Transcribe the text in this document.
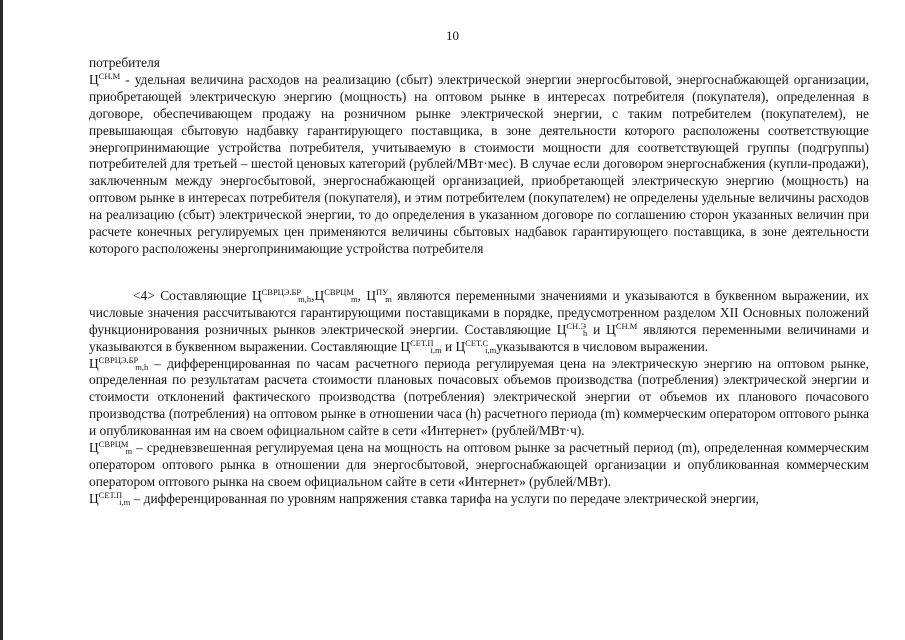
10

потребителя

$Ц^{СН.М}$ - удельная величина расходов на реализацию (сбыт) электрической энергии энергосбытовой, энергоснабжающей организации, приобретающей электрическую энергию (мощность) на оптовом рынке в интересах потребителя (покупателя), определенная в договоре, обеспечивающем продажу на розничном рынке электрической энергии, с таким потребителем (покупателем), не превышающая сбытовую надбавку гарантирующего поставщика, в зоне деятельности которого расположены соответствующие энергопринимающие устройства потребителя, учитываемую в стоимости мощности для соответствующей группы (подгруппы) потребителей для третьей – шестой ценовых категорий (рублей/МВт·мес). В случае если договором энергоснабжения (купли-продажи), заключенным между энергосбытовой, энергоснабжающей организацией, приобретающей электрическую энергию (мощность) на оптовом рынке в интересах потребителя (покупателя), и этим потребителем (покупателем) не определены удельные величины расходов на реализацию (сбыт) электрической энергии, то до определения в указанном договоре по соглашению сторон указанных величин при расчете конечных регулируемых цен применяются величины сбытовых надбавок гарантирующего поставщика, в зоне деятельности которого расположены энергопринимающие устройства потребителя

<4> Составляющие $Ц^{СВРЦЭ.БР}_{m,h},Ц^{СВРЦМ}_m$, $Ц^{ПУ}_m$ являются переменными значениями и указываются в буквенном выражении, их числовые значения рассчитываются гарантирующими поставщиками в порядке, предусмотренном разделом XII Основных положений функционирования розничных рынков электрической энергии. Составляющие $Ц^{СН.Э}_h$ и $Ц^{СН.М}$ являются переменными величинами и указываются в буквенном выражении. Составляющие $Ц^{СЕТ.П}_{i,m}$ и $Ц^{СЕТ.С}_{i,m}указываются$ в числовом выражении.

$Ц^{СВРЦЭ.БР}_{m,h}$ – дифференцированная по часам расчетного периода регулируемая цена на электрическую энергию на оптовом рынке, определенная по результатам расчета стоимости плановых почасовых объемов производства (потребления) электрической энергии и стоимости отклонений фактического производства (потребления) электрической энергии от объемов их планового почасового производства (потребления) на оптовом рынке в отношении часа (h) расчетного периода (m) коммерческим оператором оптового рынка и опубликованная им на своем официальном сайте в сети «Интернет» (рублей/МВт·ч).

$Ц^{СВРЦМ}_m$ – средневзвешенная регулируемая цена на мощность на оптовом рынке за расчетный период (m), определенная коммерческим оператором оптового рынка в отношении для энергосбытовой, энергоснабжающей организации и опубликованная коммерческим оператором оптового рынка на своем официальном сайте в сети «Интернет» (рублей/МВт).

$Ц^{СЕТ.П}_{i,m}$ – дифференцированная по уровням напряжения ставка тарифа на услуги по передаче электрической энергии,
